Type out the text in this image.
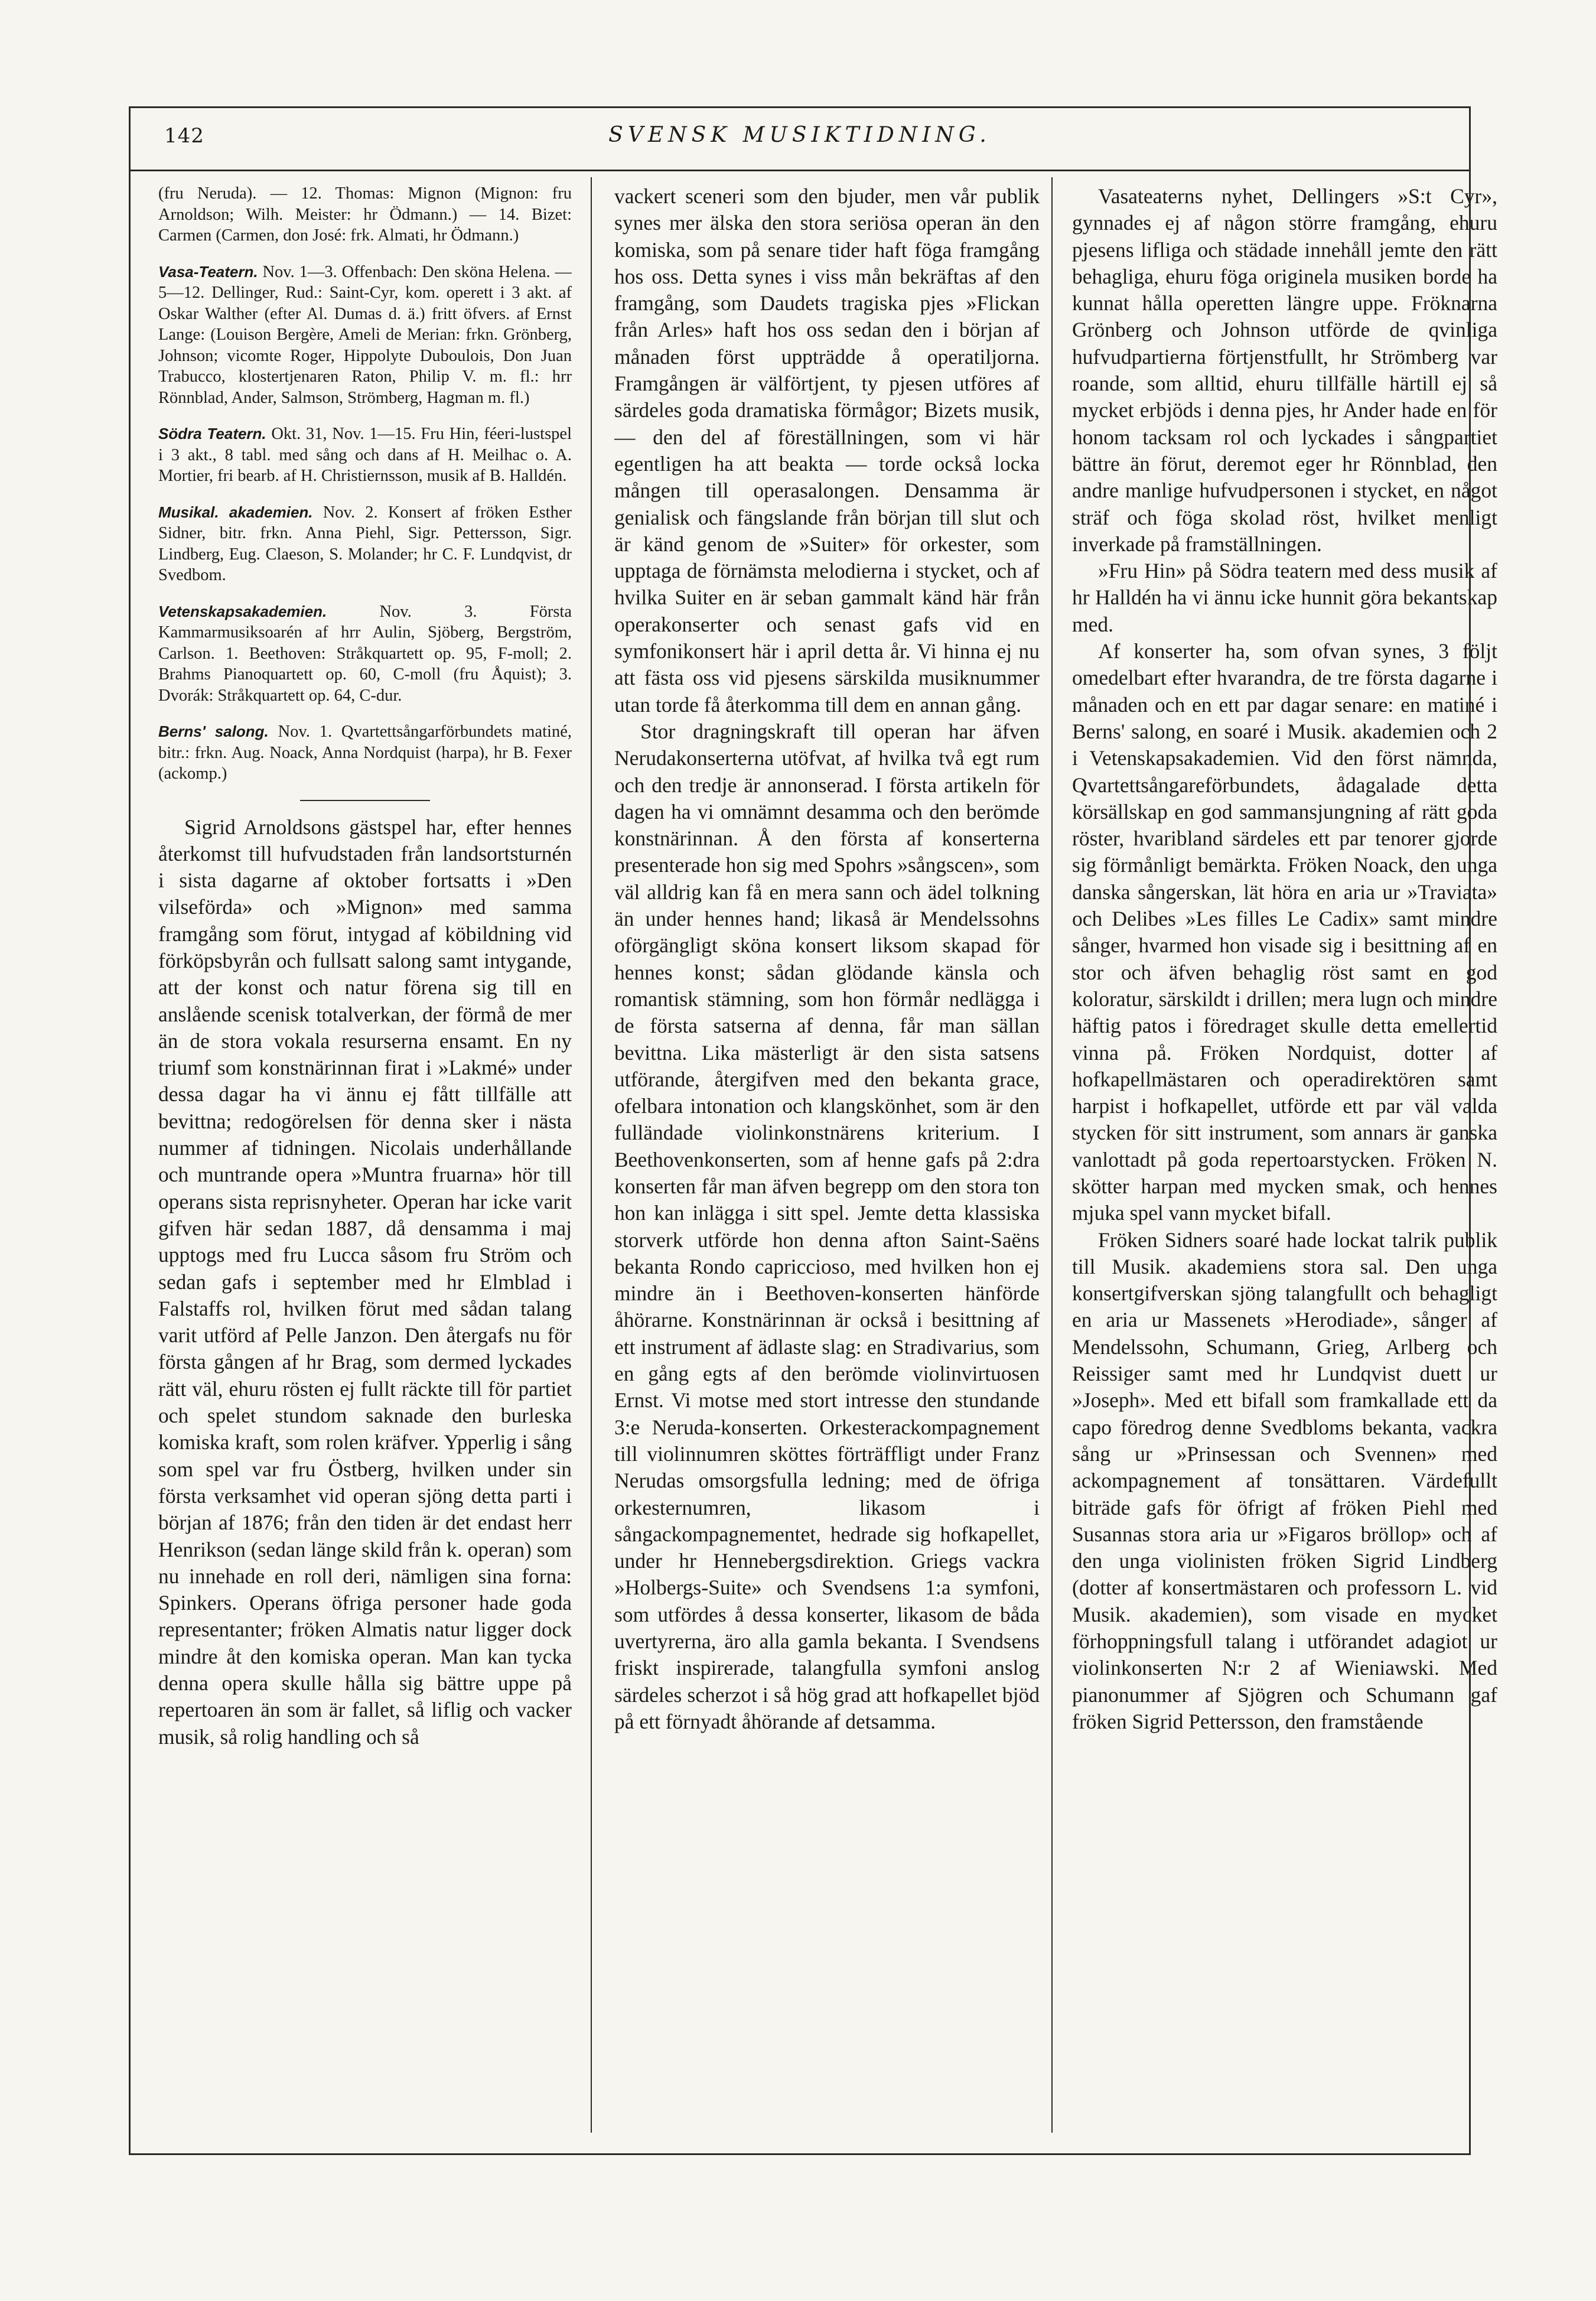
142	SVENSK MUSIKTIDNING.

(fru Neruda). — 12. Thomas: Mignon (Mignon: fru Arnoldson; Wilh. Meister: hr Ödmann.) — 14. Bizet: Carmen (Carmen, don José: frk. Almati, hr Ödmann.)

Vasa-Teatern. Nov. 1—3. Offenbach: Den sköna Helena. — 5—12. Dellinger, Rud.: Saint-Cyr, kom. operett i 3 akt. af Oskar Walther (efter Al. Dumas d. ä.) fritt öfvers. af Ernst Lange: (Louison Bergère, Ameli de Merian: frkn. Grönberg, Johnson; vicomte Roger, Hippolyte Duboulois, Don Juan Trabucco, klostertjenaren Raton, Philip V. m. fl.: hrr Rönnblad, Ander, Salmson, Strömberg, Hagman m. fl.)

Södra Teatern. Okt. 31, Nov. 1—15. Fru Hin, féeri-lustspel i 3 akt., 8 tabl. med sång och dans af H. Meilhac o. A. Mortier, fri bearb. af H. Christiernsson, musik af B. Halldén.

Musikal. akademien. Nov. 2. Konsert af fröken Esther Sidner, bitr. frkn. Anna Piehl, Sigr. Pettersson, Sigr. Lindberg, Eug. Claeson, S. Molander; hr C. F. Lundqvist, dr Svedbom.

Vetenskapsakademien. Nov. 3. Första Kammarmusiksoarén af hrr Aulin, Sjöberg, Bergström, Carlson. 1. Beethoven: Stråkquartett op. 95, F-moll; 2. Brahms Pianoquartett op. 60, C-moll (fru Åquist); 3. Dvorák: Stråkquartett op. 64, C-dur.

Berns' salong. Nov. 1. Qvartettsångarförbundets matiné, bitr.: frkn. Aug. Noack, Anna Nordquist (harpa), hr B. Fexer (ackomp.)

Sigrid Arnoldsons gästspel har, efter hennes återkomst till hufvudstaden från landsortsturnén i sista dagarne af oktober fortsatts i »Den vilseförda» och »Mignon» med samma framgång som förut, intygad af köbildning vid förköpsbyrån och fullsatt salong samt intygande, att der konst och natur förena sig till en anslående scenisk totalverkan, der förmå de mer än de stora vokala resurserna ensamt. En ny triumf som konstnärinnan firat i »Lakmé» under dessa dagar ha vi ännu ej fått tillfälle att bevittna; redogörelsen för denna sker i nästa nummer af tidningen. Nicolais underhållande och muntrande opera »Muntra fruarna» hör till operans sista reprisnyheter. Operan har icke varit gifven här sedan 1887, då densamma i maj upptogs med fru Lucca såsom fru Ström och sedan gafs i september med hr Elmblad i Falstaffs rol, hvilken förut med sådan talang varit utförd af Pelle Janzon. Den återgafs nu för första gången af hr Brag, som dermed lyckades rätt väl, ehuru rösten ej fullt räckte till för partiet och spelet stundom saknade den burleska komiska kraft, som rolen kräfver. Ypperlig i sång som spel var fru Östberg, hvilken under sin första verksamhet vid operan sjöng detta parti i början af 1876; från den tiden är det endast herr Henrikson (sedan länge skild från k. operan) som nu innehade en roll deri, nämligen sina forna: Spinkers. Operans öfriga personer hade goda representanter; fröken Almatis natur ligger dock mindre åt den komiska operan. Man kan tycka denna opera skulle hålla sig bättre uppe på repertoaren än som är fallet, så liflig och vacker musik, så rolig handling och så

vackert sceneri som den bjuder, men vår publik synes mer älska den stora seriösa operan än den komiska, som på senare tider haft föga framgång hos oss. Detta synes i viss mån bekräftas af den framgång, som Daudets tragiska pjes »Flickan från Arles» haft hos oss sedan den i början af månaden först uppträdde å operatiljorna. Framgången är välförtjent, ty pjesen utföres af särdeles goda dramatiska förmågor; Bizets musik, — den del af föreställningen, som vi här egentligen ha att beakta — torde också locka mången till operasalongen. Densamma är genialisk och fängslande från början till slut och är känd genom de »Suiter» för orkester, som upptaga de förnämsta melodierna i stycket, och af hvilka Suiter en är seban gammalt känd här från operakonserter och senast gafs vid en symfonikonsert här i april detta år. Vi hinna ej nu att fästa oss vid pjesens särskilda musiknummer utan torde få återkomma till dem en annan gång.

Stor dragningskraft till operan har äfven Nerudakonserterna utöfvat, af hvilka två egt rum och den tredje är annonserad. I första artikeln för dagen ha vi omnämnt desamma och den berömde konstnärinnan. Å den första af konserterna presenterade hon sig med Spohrs »sångscen», som väl alldrig kan få en mera sann och ädel tolkning än under hennes hand; likaså är Mendelssohns oförgängligt sköna konsert liksom skapad för hennes konst; sådan glödande känsla och romantisk stämning, som hon förmår nedlägga i de första satserna af denna, får man sällan bevittna. Lika mästerligt är den sista satsens utförande, återgifven med den bekanta grace, ofelbara intonation och klangskönhet, som är den fulländade violinkonstnärens kriterium. I Beethovenkonserten, som af henne gafs på 2:dra konserten får man äfven begrepp om den stora ton hon kan inlägga i sitt spel. Jemte detta klassiska storverk utförde hon denna afton Saint-Saëns bekanta Rondo capriccioso, med hvilken hon ej mindre än i Beethoven-konserten hänförde åhörarne. Konstnärinnan är också i besittning af ett instrument af ädlaste slag: en Stradivarius, som en gång egts af den berömde violinvirtuosen Ernst. Vi motse med stort intresse den stundande 3:e Neruda-konserten. Orkesterackompagnement till violinnumren sköttes förträffligt under Franz Nerudas omsorgsfulla ledning; med de öfriga orkesternumren, likasom i sångackompagnementet, hedrade sig hofkapellet, under hr Hennebergsdirektion. Griegs vackra »Holbergs-Suite» och Svendsens 1:a symfoni, som utfördes å dessa konserter, likasom de båda uvertyrerna, äro alla gamla bekanta. I Svendsens friskt inspirerade, talangfulla symfoni anslog särdeles scherzot i så hög grad att hofkapellet bjöd på ett förnyadt åhörande af detsamma.

Vasateaterns nyhet, Dellingers »S:t Cyr», gynnades ej af någon större framgång, ehuru pjesens lifliga och städade innehåll jemte den rätt behagliga, ehuru föga originela musiken borde ha kunnat hålla operetten längre uppe. Fröknarna Grönberg och Johnson utförde de qvinliga hufvudpartierna förtjenstfullt, hr Strömberg var roande, som alltid, ehuru tillfälle härtill ej så mycket erbjöds i denna pjes, hr Ander hade en för honom tacksam rol och lyckades i sångpartiet bättre än förut, deremot eger hr Rönnblad, den andre manlige hufvudpersonen i stycket, en något sträf och föga skolad röst, hvilket menligt inverkade på framställningen.

»Fru Hin» på Södra teatern med dess musik af hr Halldén ha vi ännu icke hunnit göra bekantskap med.

Af konserter ha, som ofvan synes, 3 följt omedelbart efter hvarandra, de tre första dagarne i månaden och en ett par dagar senare: en matiné i Berns' salong, en soaré i Musik. akademien och 2 i Vetenskapsakademien. Vid den först nämnda, Qvartettsångareförbundets, ådagalade detta körsällskap en god sammansjungning af rätt goda röster, hvaribland särdeles ett par tenorer gjorde sig förmånligt bemärkta. Fröken Noack, den unga danska sångerskan, lät höra en aria ur »Traviata» och Delibes »Les filles Le Cadix» samt mindre sånger, hvarmed hon visade sig i besittning af en stor och äfven behaglig röst samt en god koloratur, särskildt i drillen; mera lugn och mindre häftig patos i föredraget skulle detta emellertid vinna på. Fröken Nordquist, dotter af hofkapellmästaren och operadirektören samt harpist i hofkapellet, utförde ett par väl valda stycken för sitt instrument, som annars är ganska vanlottadt på goda repertoarstycken. Fröken N. skötter harpan med mycken smak, och hennes mjuka spel vann mycket bifall.

Fröken Sidners soaré hade lockat talrik publik till Musik. akademiens stora sal. Den unga konsertgifverskan sjöng talangfullt och behagligt en aria ur Massenets »Herodiade», sånger af Mendelssohn, Schumann, Grieg, Arlberg och Reissiger samt med hr Lundqvist duett ur »Joseph». Med ett bifall som framkallade ett da capo föredrog denne Svedbloms bekanta, vackra sång ur »Prinsessan och Svennen» med ackompagnement af tonsättaren. Värdefullt biträde gafs för öfrigt af fröken Piehl med Susannas stora aria ur »Figaros bröllop» och af den unga violinisten fröken Sigrid Lindberg (dotter af konsertmästaren och professorn L. vid Musik. akademien), som visade en mycket förhoppningsfull talang i utförandet adagiot ur violinkonserten N:r 2 af Wieniawski. Med pianonummer af Sjögren och Schumann gaf fröken Sigrid Pettersson, den framstående
